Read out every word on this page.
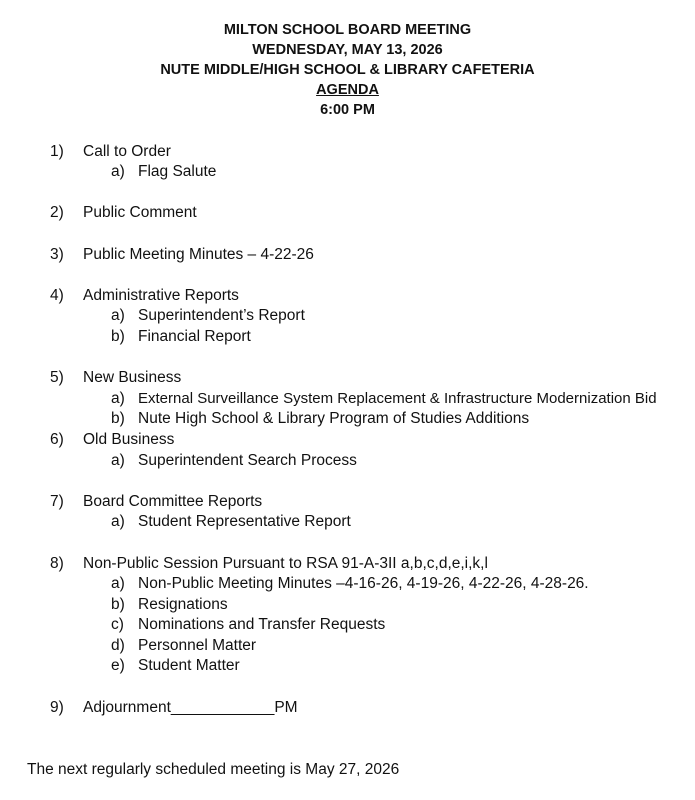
MILTON SCHOOL BOARD MEETING
WEDNESDAY, MAY 13, 2026
NUTE MIDDLE/HIGH SCHOOL & LIBRARY CAFETERIA
AGENDA
6:00 PM
1) Call to Order
a) Flag Salute
2) Public Comment
3) Public Meeting Minutes – 4-22-26
4) Administrative Reports
a) Superintendent’s Report
b) Financial Report
5) New Business
a) External Surveillance System Replacement & Infrastructure Modernization Bid
b) Nute High School & Library Program of Studies Additions
6) Old Business
a) Superintendent Search Process
7) Board Committee Reports
a) Student Representative Report
8) Non-Public Session Pursuant to RSA 91-A-3II a,b,c,d,e,i,k,l
a) Non-Public Meeting Minutes –4-16-26, 4-19-26, 4-22-26, 4-28-26.
b) Resignations
c) Nominations and Transfer Requests
d) Personnel Matter
e) Student Matter
9) Adjournment____________PM
The next regularly scheduled meeting is May 27, 2026
